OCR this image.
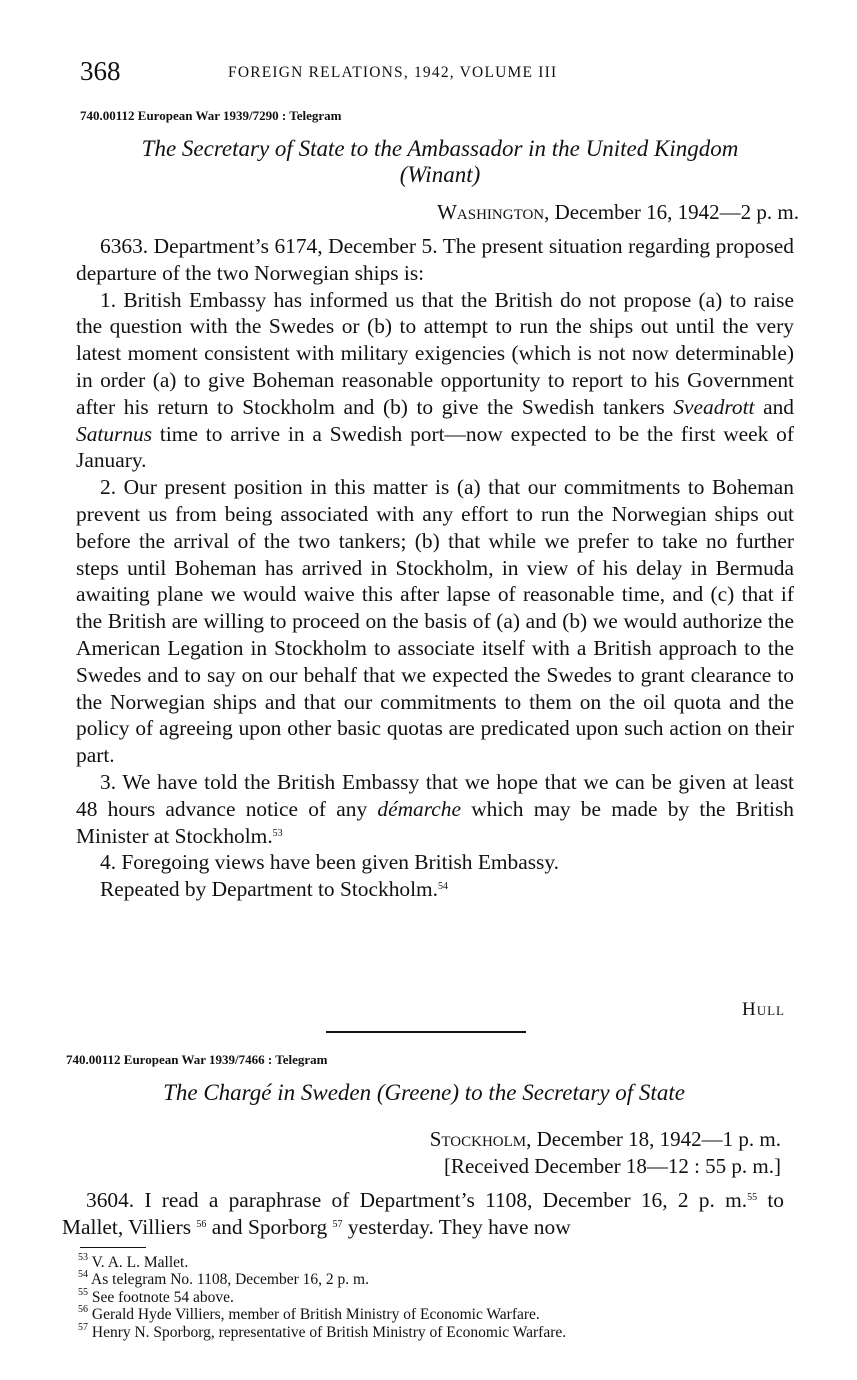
368	FOREIGN RELATIONS, 1942, VOLUME III
740.00112 European War 1939/7290 : Telegram
The Secretary of State to the Ambassador in the United Kingdom
(Winant)
Washington, December 16, 1942—2 p. m.

6363. Department’s 6174, December 5. The present situation regarding proposed departure of the two Norwegian ships is:

1. British Embassy has informed us that the British do not propose (a) to raise the question with the Swedes or (b) to attempt to run the ships out until the very latest moment consistent with military exigencies (which is not now determinable) in order (a) to give Boheman reasonable opportunity to report to his Government after his return to Stockholm and (b) to give the Swedish tankers Sveadrott and Saturnus time to arrive in a Swedish port—now expected to be the first week of January.

2. Our present position in this matter is (a) that our commitments to Boheman prevent us from being associated with any effort to run the Norwegian ships out before the arrival of the two tankers; (b) that while we prefer to take no further steps until Boheman has arrived in Stockholm, in view of his delay in Bermuda awaiting plane we would waive this after lapse of reasonable time, and (c) that if the British are willing to proceed on the basis of (a) and (b) we would authorize the American Legation in Stockholm to associate itself with a British approach to the Swedes and to say on our behalf that we expected the Swedes to grant clearance to the Norwegian ships and that our commitments to them on the oil quota and the policy of agreeing upon other basic quotas are predicated upon such action on their part.

3. We have told the British Embassy that we hope that we can be given at least 48 hours advance notice of any démarche which may be made by the British Minister at Stockholm.$^{53}$

4. Foregoing views have been given British Embassy.

Repeated by Department to Stockholm.$^{54}$

Hull
740.00112 European War 1939/7466 : Telegram
The Chargé in Sweden (Greene) to the Secretary of State
Stockholm, December 18, 1942—1 p. m.
[Received December 18—12 : 55 p. m.]

3604. I read a paraphrase of Department’s 1108, December 16, 2 p. m.$^{55}$ to Mallet, Villiers $^{56}$ and Sporborg $^{57}$ yesterday. They have now

$^{53}$ V. A. L. Mallet.
$^{54}$ As telegram No. 1108, December 16, 2 p. m.
$^{55}$ See footnote 54 above.
$^{56}$ Gerald Hyde Villiers, member of British Ministry of Economic Warfare.
$^{57}$ Henry N. Sporborg, representative of British Ministry of Economic Warfare.
